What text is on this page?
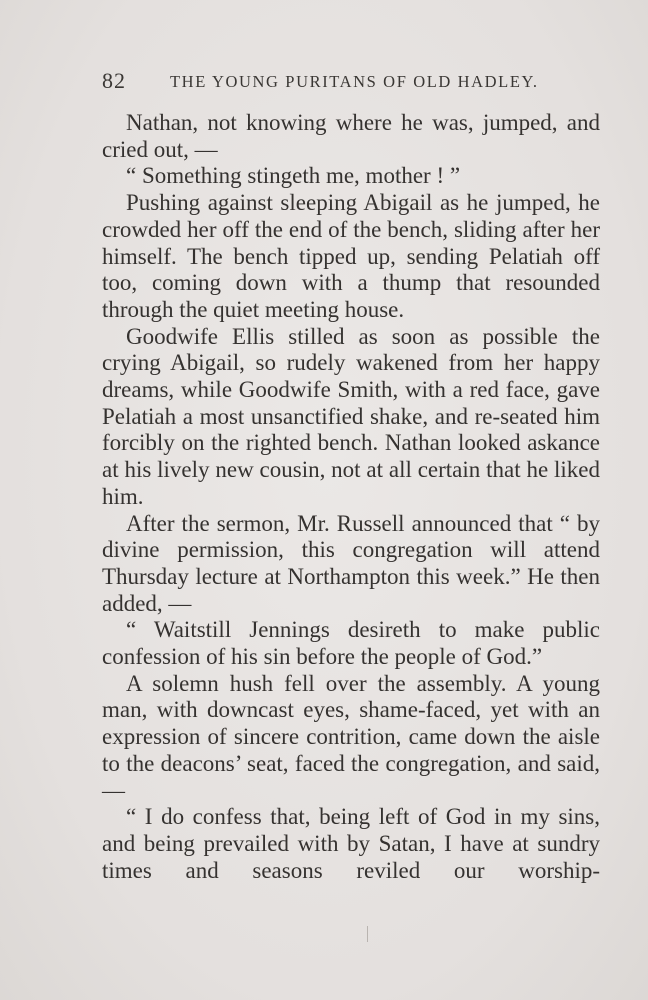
82	THE YOUNG PURITANS OF OLD HADLEY.

Nathan, not knowing where he was, jumped, and cried out, —

“ Something stingeth me, mother ! ”

Pushing against sleeping Abigail as he jumped, he crowded her off the end of the bench, sliding after her himself. The bench tipped up, sending Pelatiah off too, coming down with a thump that resounded through the quiet meeting house.

Goodwife Ellis stilled as soon as possible the crying Abigail, so rudely wakened from her happy dreams, while Goodwife Smith, with a red face, gave Pelatiah a most unsanctified shake, and re-seated him forcibly on the righted bench. Nathan looked askance at his lively new cousin, not at all certain that he liked him.

After the sermon, Mr. Russell announced that “ by divine permission, this congregation will attend Thursday lecture at Northampton this week.” He then added, —

“ Waitstill Jennings desireth to make public confession of his sin before the people of God.”

A solemn hush fell over the assembly. A young man, with downcast eyes, shame-faced, yet with an expression of sincere contrition, came down the aisle to the deacons’ seat, faced the congregation, and said, —

“ I do confess that, being left of God in my sins, and being prevailed with by Satan, I have at sundry times and seasons reviled our worship-
